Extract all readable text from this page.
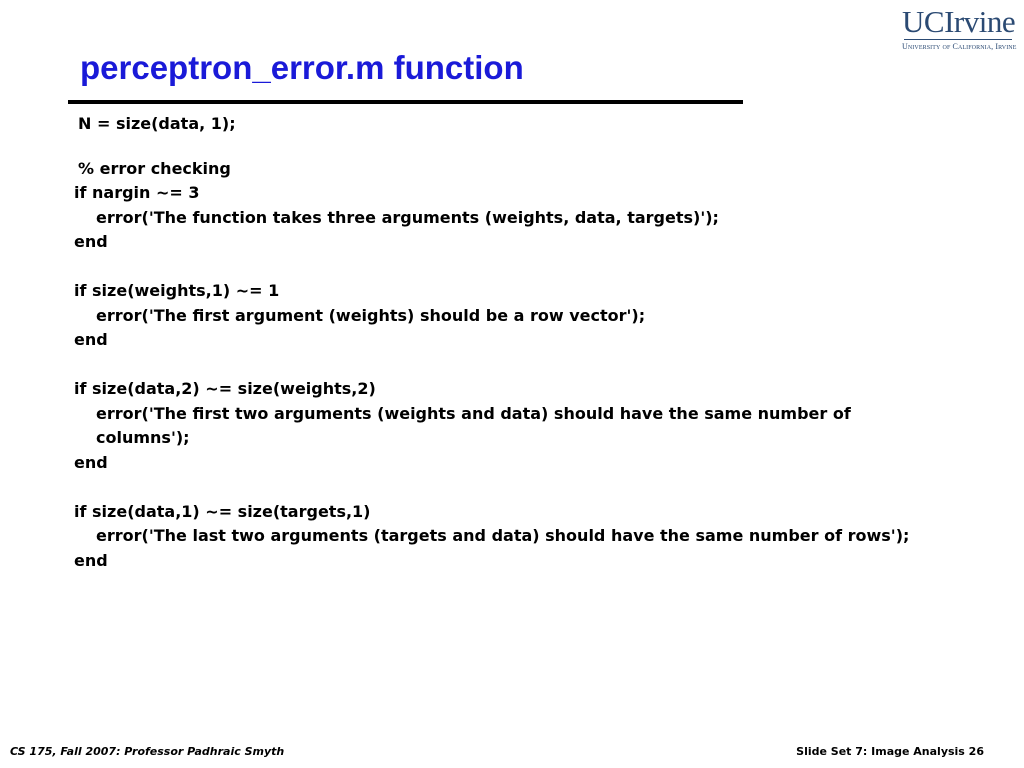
UCIrvine
University of California, Irvine
perceptron_error.m function
N = size(data, 1);
% error checking
if nargin ~= 3
error('The function takes three arguments (weights, data, targets)');
end
if size(weights,1) ~= 1
error('The first argument (weights) should be a row vector');
end
if size(data,2) ~= size(weights,2)
error('The first two arguments (weights and data) should have the same number of columns');
end
if size(data,1) ~= size(targets,1)
error('The last two arguments (targets and data) should have the same number of rows');
end
CS 175, Fall 2007: Professor Padhraic Smyth	Slide Set 7: Image Analysis 26
